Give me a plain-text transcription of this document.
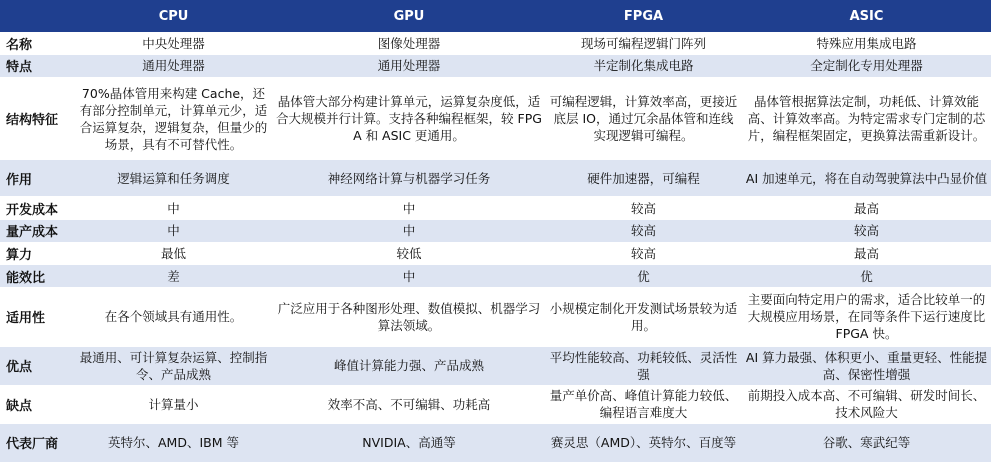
	CPU	GPU	FPGA	ASIC
名称	中央处理器	图像处理器	现场可编程逻辑门阵列	特殊应用集成电路
特点	通用处理器	通用处理器	半定制化集成电路	全定制化专用处理器
结构特征	70%晶体管用来构建 Cache，还有部分控制单元，计算单元少，适合运算复杂，逻辑复杂，但量少的场景，具有不可替代性。	晶体管大部分构建计算单元，运算复杂度低，适合大规模并行计算。支持各种编程框架，较 FPGA 和 ASIC 更通用。	可编程逻辑，计算效率高，更接近底层 IO，通过冗余晶体管和连线实现逻辑可编程。	晶体管根据算法定制，功耗低、计算效能高、计算效率高。为特定需求专门定制的芯片，编程框架固定，更换算法需重新设计。
作用	逻辑运算和任务调度	神经网络计算与机器学习任务	硬件加速器，可编程	AI 加速单元，将在自动驾驶算法中凸显价值
开发成本	中	中	较高	最高
量产成本	中	中	较高	较高
算力	最低	较低	较高	最高
能效比	差	中	优	优
适用性	在各个领域具有通用性。	广泛应用于各种图形处理、数值模拟、机器学习算法领域。	小规模定制化开发测试场景较为适用。	主要面向特定用户的需求，适合比较单一的大规模应用场景，在同等条件下运行速度比 FPGA 快。
优点	最通用、可计算复杂运算、控制指令、产品成熟	峰值计算能力强、产品成熟	平均性能较高、功耗较低、灵活性强	AI 算力最强、体积更小、重量更轻、性能提高、保密性增强
缺点	计算量小	效率不高、不可编辑、功耗高	量产单价高、峰值计算能力较低、编程语言难度大	前期投入成本高、不可编辑、研发时间长、技术风险大
代表厂商	英特尔、AMD、IBM 等	NVIDIA、高通等	赛灵思（AMD）、英特尔、百度等	谷歌、寒武纪等
